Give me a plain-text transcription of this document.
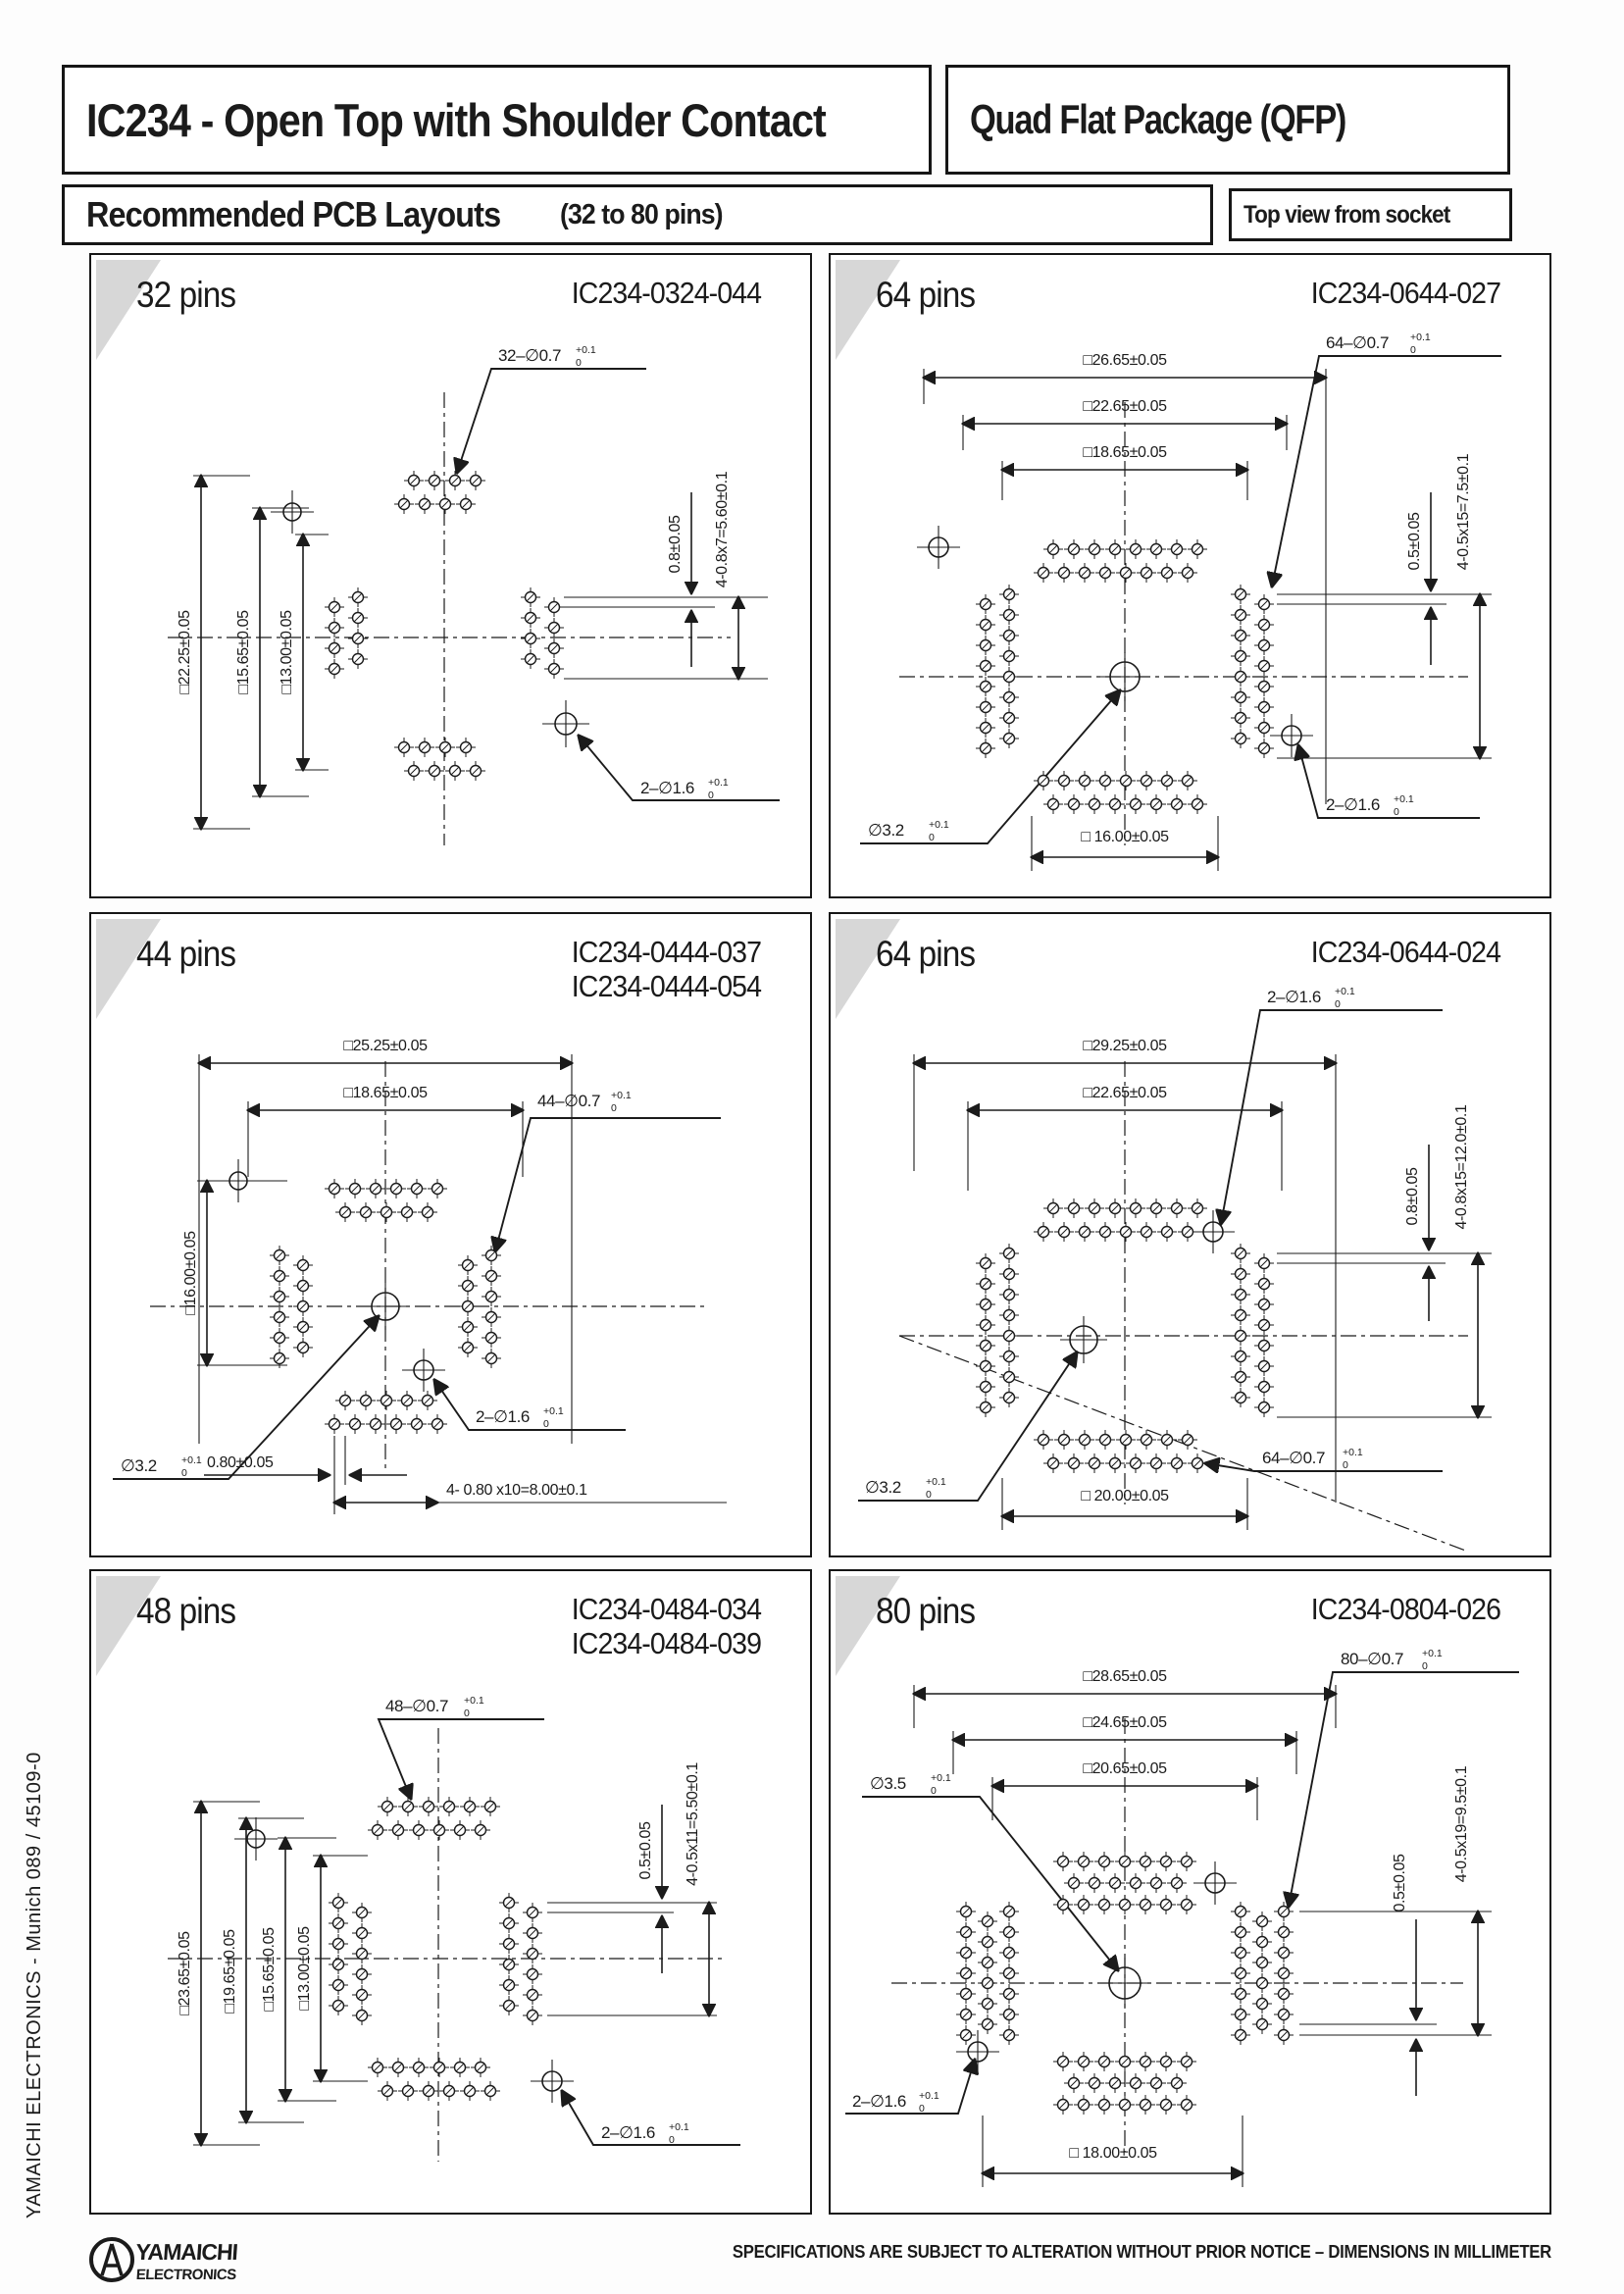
IC234 - Open Top with Shoulder Contact	Quad Flat Package (QFP)
Recommended PCB Layouts (32 to 80 pins)	Top view from socket
32 pins	IC234-0324-044
□22.25±0.05	□15.65±0.05 □13.00±0.05
0.8±0.05 4-0.8x7=5.60±0.1
32–∅0.7 +0.1
0
2–∅1.6 +0.1
0
64 pins	IC234-0644-027
□26.65±0.05
□22.65±0.05
□18.65±0.05
64–∅0.7 +0.1
0
0.5±0.05 4-0.5x15=7.5±0.1
∅3.2 +0.1
0
2–∅1.6 +0.1
0
□ 16.00±0.05
44 pins	IC234-0444-037
IC234-0444-054
□25.25±0.05
□18.65±0.05	44–∅0.7 +0.1
0
□16.00±0.05
∅3.2 +0.1
0
2–∅1.6 +0.1
0
0.80±0.05
4- 0.80 x10=8.00±0.1
64 pins	IC234-0644-024
□29.25±0.05
□22.65±0.05
2–∅1.6 +0.1
0
0.8±0.05 4-0.8x15=12.0±0.1
∅3.2 +0.1
0
64–∅0.7 +0.1
0
□ 20.00±0.05
48 pins	IC234-0484-034
IC234-0484-039
□23.65±0.05 □19.65±0.05 □15.65±0.05 □13.00±0.05
48–∅0.7 +0.1
0
0.5±0.05 4-0.5x11=5.50±0.1
2–∅1.6 +0.1
0
80 pins	IC234-0804-026
□28.65±0.05
□24.65±0.05
□20.65±0.05
∅3.5 +0.1
0
80–∅0.7 +0.1
0
4-0.5x19=9.5±0.1
0.5±0.05
2–∅1.6 +0.1
0
□ 18.00±0.05
YAMAICHI ELECTRONICS - Munich 089 / 45109-0
YAMAICHI
ELECTRONICS
SPECIFICATIONS ARE SUBJECT TO ALTERATION WITHOUT PRIOR NOTICE – DIMENSIONS IN MILLIMETER
